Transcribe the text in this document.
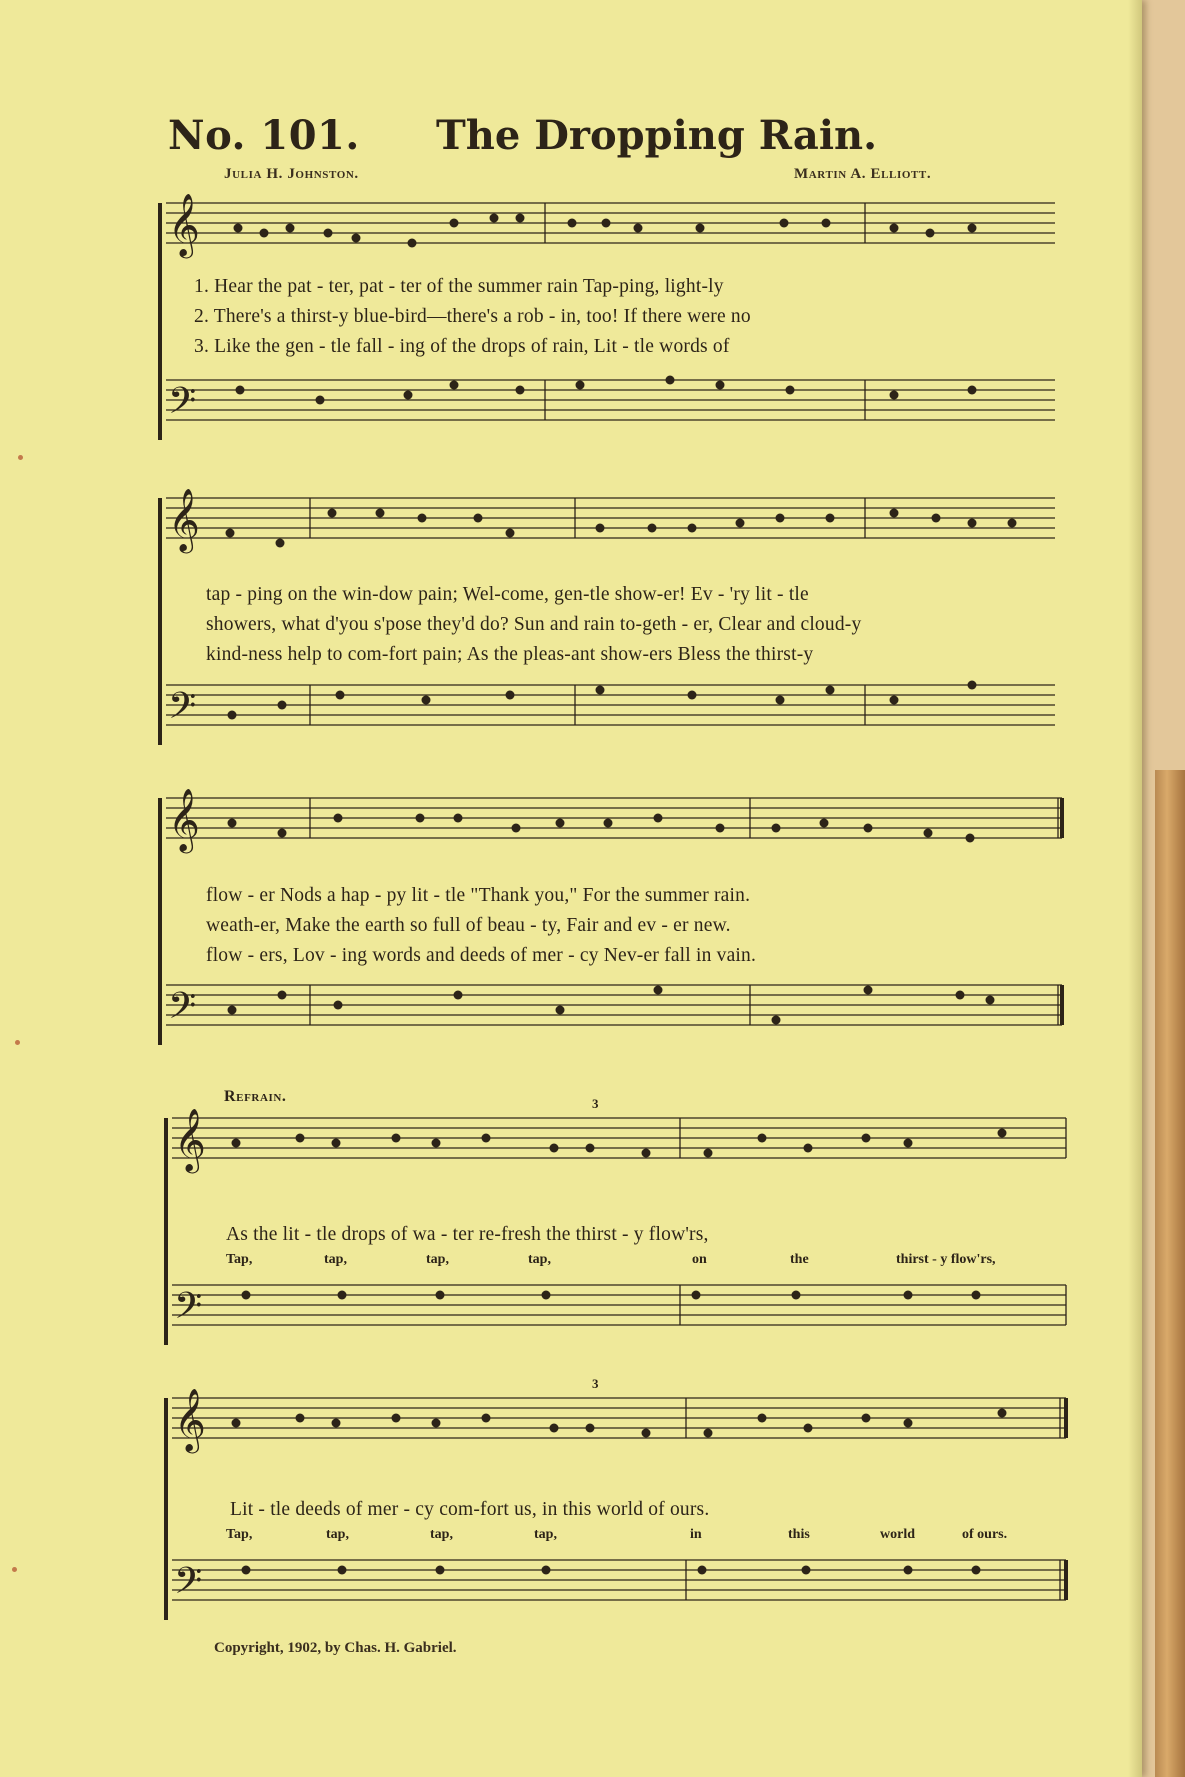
No. 101. The Dropping Rain.
Julia H. Johnston.	Martin A. Elliott.
𝄞
𝄢
1. Hear the pat - ter, pat - ter of the summer rain Tap-ping, light-ly
2. There's a thirst-y blue-bird—there's a rob - in, too! If there were no
3. Like the gen - tle fall - ing of the drops of rain, Lit - tle words of
𝄞
𝄢
tap - ping on the win-dow pain; Wel-come, gen-tle show-er! Ev - 'ry lit - tle
showers, what d'you s'pose they'd do? Sun and rain to-geth - er, Clear and cloud-y
kind-ness help to com-fort pain; As the pleas-ant show-ers Bless the thirst-y
𝄞
𝄢
flow - er Nods a hap - py lit - tle "Thank you," For the summer rain.
weath-er, Make the earth so full of beau - ty, Fair and ev - er new.
flow - ers, Lov - ing words and deeds of mer - cy Nev-er fall in vain.
Refrain.
𝄞
𝄢
3
As the lit - tle drops of wa - ter re-fresh the thirst - y flow'rs,
Tap,	tap,	tap,	tap,	on	the	thirst - y flow'rs,
𝄞
𝄢
3
Lit - tle deeds of mer - cy com-fort us, in this world of ours.
Tap,	tap,	tap,	tap,	in	this	world	of ours.
Copyright, 1902, by Chas. H. Gabriel.
